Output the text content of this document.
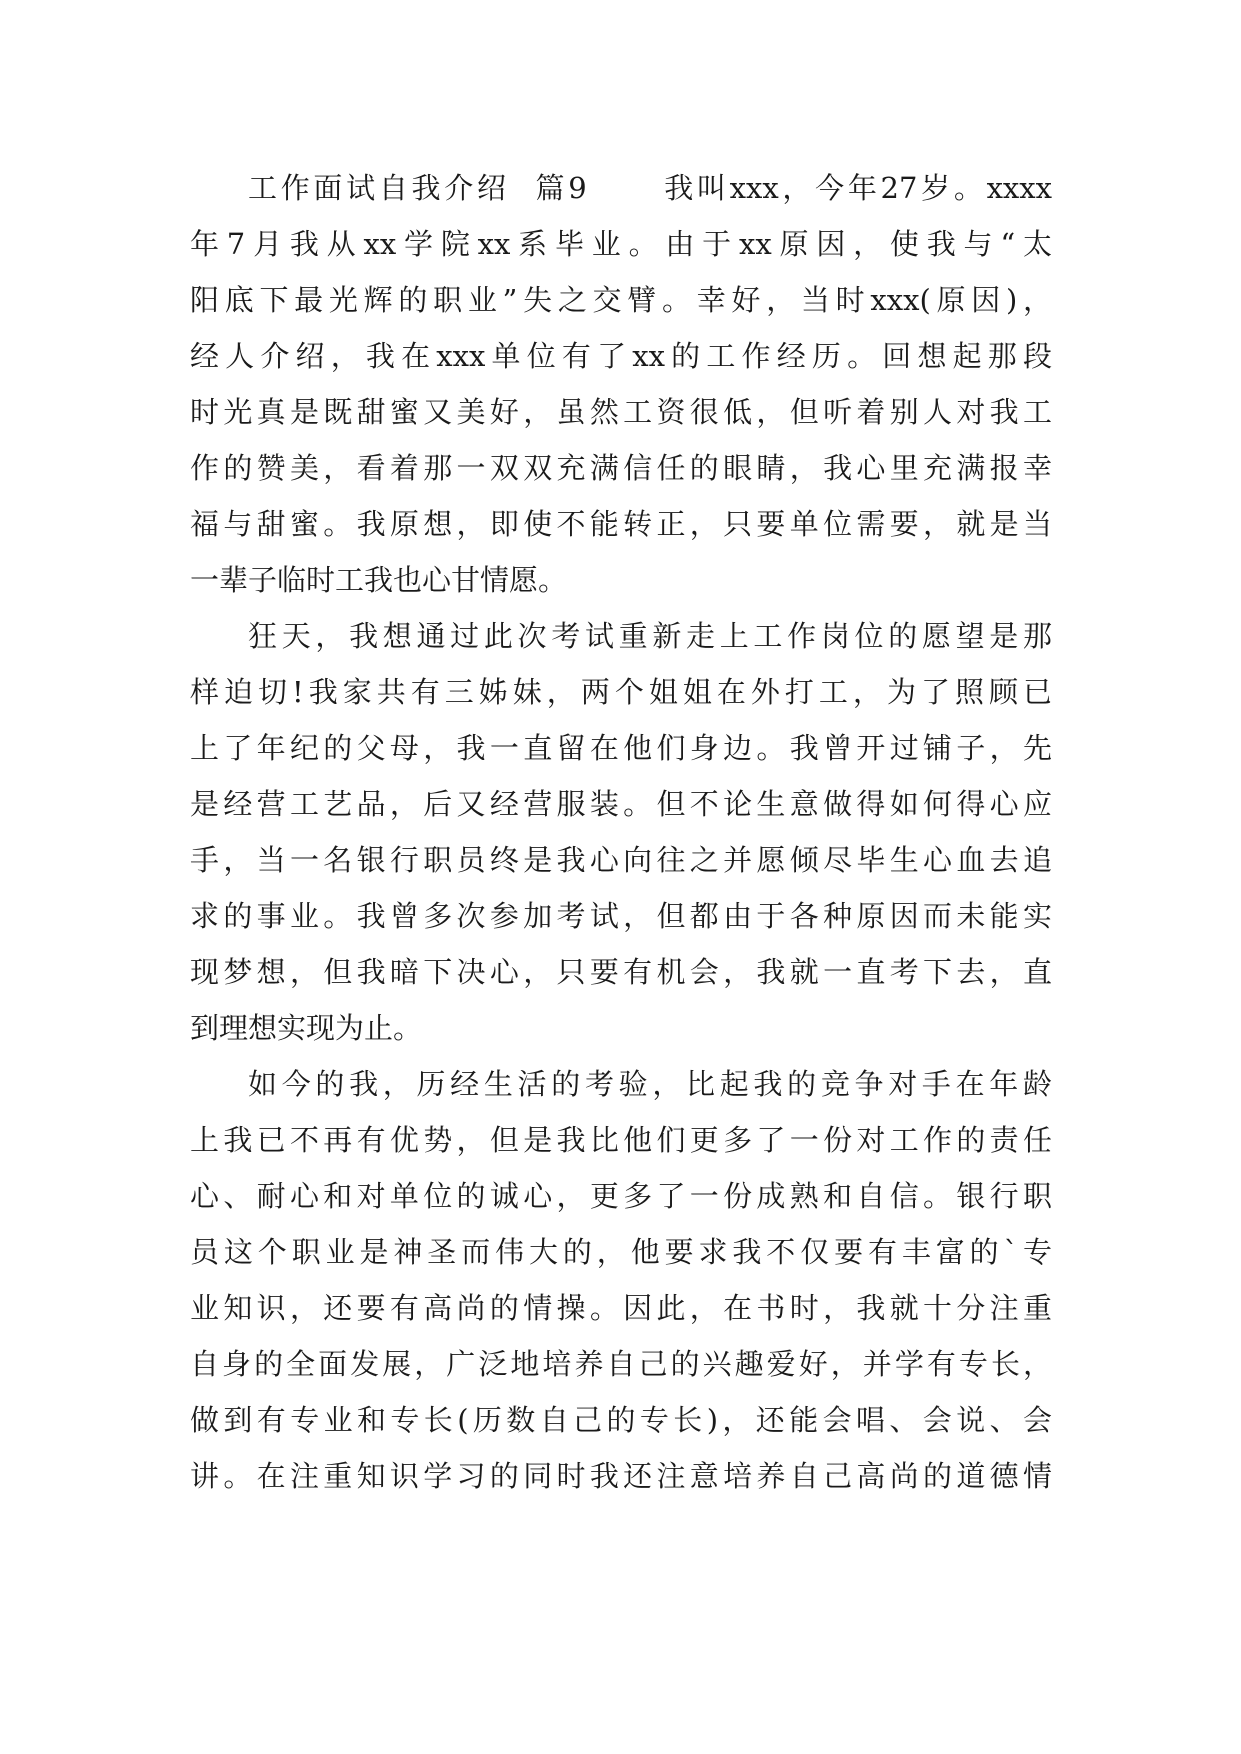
工作面试自我介绍  篇9      我叫xxx，今年27岁。xxxx
年7月我从xx学院xx系毕业。由于xx原因，使我与“太
阳底下最光辉的职业”失之交臂。幸好，当时xxx(原因)，
经人介绍，我在xxx单位有了xx的工作经历。回想起那段
时光真是既甜蜜又美好，虽然工资很低，但听着别人对我工
作的赞美，看着那一双双充满信任的眼睛，我心里充满报幸
福与甜蜜。我原想，即使不能转正，只要单位需要，就是当
一辈子临时工我也心甘情愿。
狂天，我想通过此次考试重新走上工作岗位的愿望是那
样迫切!我家共有三姊妹，两个姐姐在外打工，为了照顾已
上了年纪的父母，我一直留在他们身边。我曾开过铺子，先
是经营工艺品，后又经营服装。但不论生意做得如何得心应
手，当一名银行职员终是我心向往之并愿倾尽毕生心血去追
求的事业。我曾多次参加考试，但都由于各种原因而未能实
现梦想，但我暗下决心，只要有机会，我就一直考下去，直
到理想实现为止。
如今的我，历经生活的考验，比起我的竞争对手在年龄
上我已不再有优势，但是我比他们更多了一份对工作的责任
心、耐心和对单位的诚心，更多了一份成熟和自信。银行职
员这个职业是神圣而伟大的，他要求我不仅要有丰富的`专
业知识，还要有高尚的情操。因此，在书时，我就十分注重
自身的全面发展，广泛地培养自己的兴趣爱好，并学有专长，
做到有专业和专长(历数自己的专长)，还能会唱、会说、会
讲。在注重知识学习的同时我还注意培养自己高尚的道德情
